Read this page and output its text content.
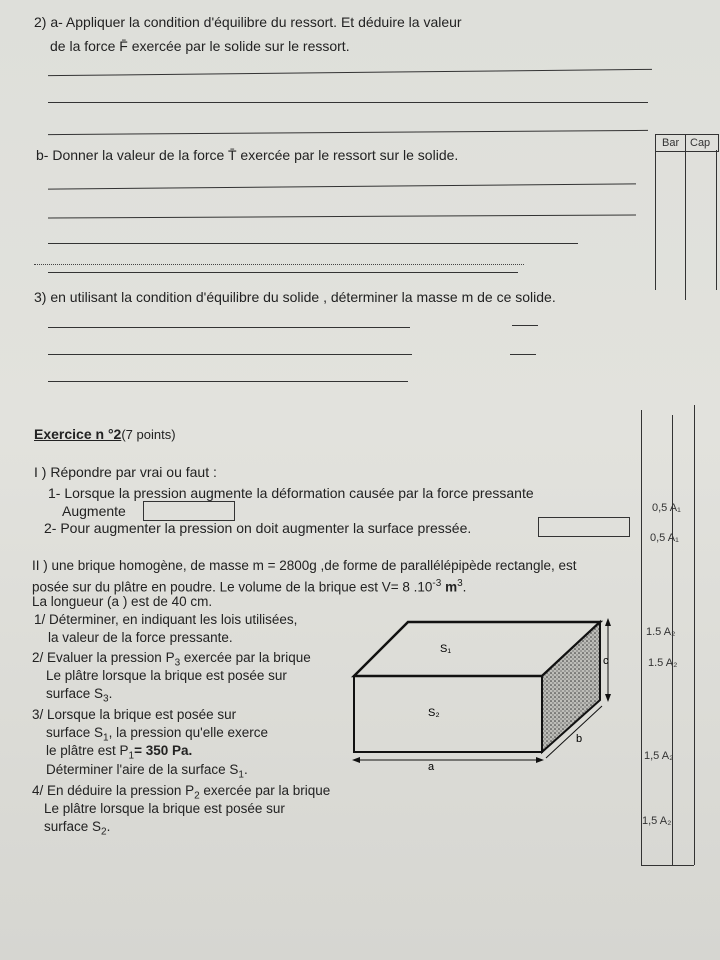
2) a- Appliquer la condition d'équilibre du ressort. Et déduire la valeur
de la force F̄ exercée par le solide sur le ressort.
b- Donner la valeur de la force T̄ exercée par le ressort sur le solide.
3) en utilisant la condition d'équilibre du solide , déterminer la masse m de ce solide.
Bar Cap
Exercice n °2(7 points)
I ) Répondre par vrai ou faut :
1- Lorsque la pression augmente la déformation causée par la force pressante
Augmente
2- Pour augmenter la pression on doit augmenter la surface pressée.
II ) une brique homogène, de masse m = 2800g ,de forme de parallélépipède rectangle, est
posée sur du plâtre en poudre. Le volume de la brique est V= 8 $.10^{-3}$ $m^3$.
La longueur (a ) est de 40 cm.
1/ Déterminer, en indiquant les lois utilisées,
la valeur de la force pressante.
2/ Evaluer la pression $P_3$ exercée par la brique
Le plâtre lorsque la brique est posée sur
surface $S_3$.
3/ Lorsque la brique est posée sur
surface $S_1$, la pression qu'elle exerce
le plâtre est $P_1= 350$ Pa.
Déterminer l'aire de la surface $S_1$.
4/ En déduire la pression $P_2$ exercée par la brique
Le plâtre lorsque la brique est posée sur
surface $S_2$.
S₁
S₂
c
b
a
0,5 A₁
0,5 A₁
1.5 A₂
1.5 A₂
1,5 A₂
1,5 A₂
